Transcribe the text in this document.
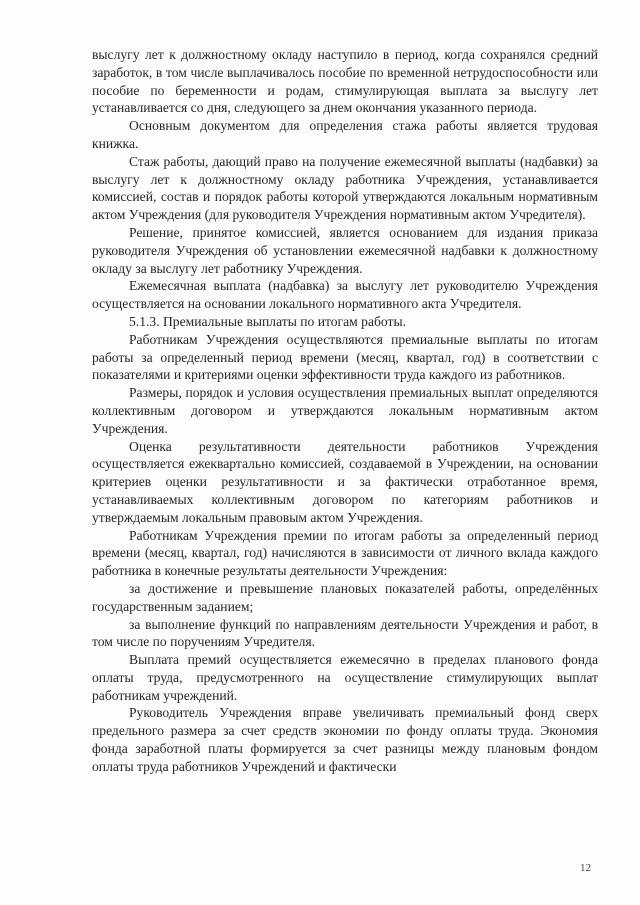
выслугу лет к должностному окладу наступило в период, когда сохранялся средний заработок, в том числе выплачивалось пособие по временной нетрудоспособности или пособие по беременности и родам, стимулирующая выплата за выслугу лет устанавливается со дня, следующего за днем окончания указанного периода.

Основным документом для определения стажа работы является трудовая книжка.

Стаж работы, дающий право на получение ежемесячной выплаты (надбавки) за выслугу лет к должностному окладу работника Учреждения, устанавливается комиссией, состав и порядок работы которой утверждаются локальным нормативным актом Учреждения (для руководителя Учреждения нормативным актом Учредителя).

Решение, принятое комиссией, является основанием для издания приказа руководителя Учреждения об установлении ежемесячной надбавки к должностному окладу за выслугу лет работнику Учреждения.

Ежемесячная выплата (надбавка) за выслугу лет руководителю Учреждения осуществляется на основании локального нормативного акта Учредителя.

5.1.3. Премиальные выплаты по итогам работы.

Работникам Учреждения осуществляются премиальные выплаты по итогам работы за определенный период времени (месяц, квартал, год) в соответствии с показателями и критериями оценки эффективности труда каждого из работников.

Размеры, порядок и условия осуществления премиальных выплат определяются коллективным договором и утверждаются локальным нормативным актом Учреждения.

Оценка результативности деятельности работников Учреждения осуществляется ежеквартально комиссией, создаваемой в Учреждении, на основании критериев оценки результативности и за фактически отработанное время, устанавливаемых коллективным договором по категориям работников и утверждаемым локальным правовым актом Учреждения.

Работникам Учреждения премии по итогам работы за определенный период времени (месяц, квартал, год) начисляются в зависимости от личного вклада каждого работника в конечные результаты деятельности Учреждения:

за достижение и превышение плановых показателей работы, определённых государственным заданием;

за выполнение функций по направлениям деятельности Учреждения и работ, в том числе по поручениям Учредителя.

Выплата премий осуществляется ежемесячно в пределах планового фонда оплаты труда, предусмотренного на осуществление стимулирующих выплат работникам учреждений.

Руководитель Учреждения вправе увеличивать премиальный фонд сверх предельного размера за счет средств экономии по фонду оплаты труда. Экономия фонда заработной платы формируется за счет разницы между плановым фондом оплаты труда работников Учреждений и фактически

12
